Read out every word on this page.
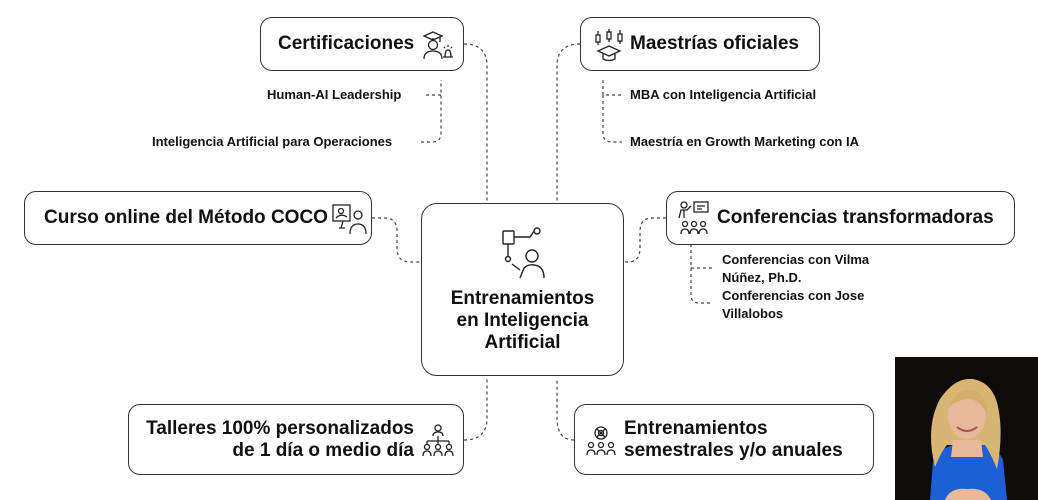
Certificaciones
Human-AI Leadership
Inteligencia Artificial para Operaciones
Maestrías oficiales
MBA con Inteligencia Artificial
Maestría en Growth Marketing con IA
Curso online del Método COCO	Conferencias transformadoras
Conferencias con Vilma
Núñez, Ph.D.
Conferencias con Jose
Villalobos
Entrenamientos
en Inteligencia
Artificial
Talleres 100% personalizados
de 1 día o medio día
Entrenamientos
semestrales y/o anuales
